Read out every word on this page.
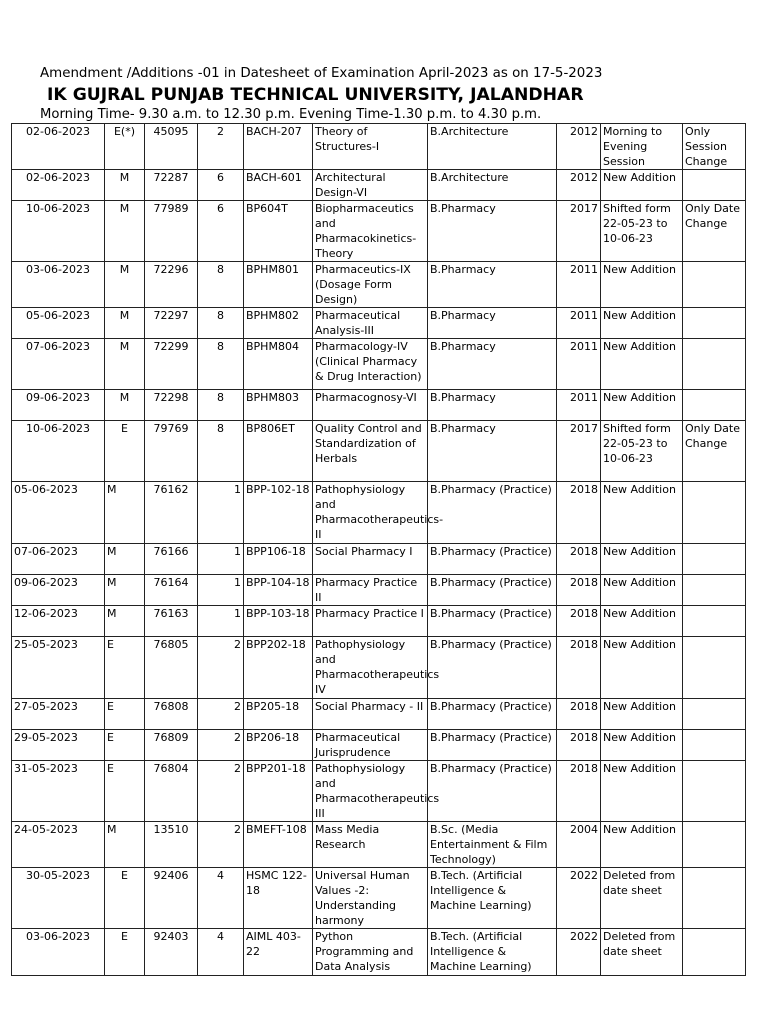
Amendment /Additions -01 in Datesheet of Examination April-2023 as on 17-5-2023
IK GUJRAL PUNJAB TECHNICAL UNIVERSITY, JALANDHAR
Morning Time- 9.30 a.m. to 12.30 p.m. Evening Time-1.30 p.m. to 4.30 p.m.
02-06-2023	E(*)	45095	2	BACH-207	Theory of Structures-I	B.Architecture	2012	Morning to Evening Session	Only Session Change
02-06-2023	M	72287	6	BACH-601	Architectural Design-VI	B.Architecture	2012	New Addition	
10-06-2023	M	77989	6	BP604T	Biopharmaceutics and Pharmacokinetics-Theory	B.Pharmacy	2017	Shifted form 22-05-23 to 10-06-23	Only Date Change
03-06-2023	M	72296	8	BPHM801	Pharmaceutics-IX (Dosage Form Design)	B.Pharmacy	2011	New Addition	
05-06-2023	M	72297	8	BPHM802	Pharmaceutical Analysis-III	B.Pharmacy	2011	New Addition	
07-06-2023	M	72299	8	BPHM804	Pharmacology-IV (Clinical Pharmacy & Drug Interaction)	B.Pharmacy	2011	New Addition	
09-06-2023	M	72298	8	BPHM803	Pharmacognosy-VI	B.Pharmacy	2011	New Addition	
10-06-2023	E	79769	8	BP806ET	Quality Control and Standardization of Herbals	B.Pharmacy	2017	Shifted form 22-05-23 to 10-06-23	Only Date Change
05-06-2023	M	76162	1	BPP-102-18	Pathophysiology and Pharmacotherapeutics-II	B.Pharmacy (Practice)	2018	New Addition	
07-06-2023	M	76166	1	BPP106-18	Social Pharmacy I	B.Pharmacy (Practice)	2018	New Addition	
09-06-2023	M	76164	1	BPP-104-18	Pharmacy Practice II	B.Pharmacy (Practice)	2018	New Addition	
12-06-2023	M	76163	1	BPP-103-18	Pharmacy Practice I	B.Pharmacy (Practice)	2018	New Addition	
25-05-2023	E	76805	2	BPP202-18	Pathophysiology and Pharmacotherapeutics IV	B.Pharmacy (Practice)	2018	New Addition	
27-05-2023	E	76808	2	BP205-18	Social Pharmacy - II	B.Pharmacy (Practice)	2018	New Addition	
29-05-2023	E	76809	2	BP206-18	Pharmaceutical Jurisprudence	B.Pharmacy (Practice)	2018	New Addition	
31-05-2023	E	76804	2	BPP201-18	Pathophysiology and Pharmacotherapeutics III	B.Pharmacy (Practice)	2018	New Addition	
24-05-2023	M	13510	2	BMEFT-108	Mass Media Research	B.Sc. (Media Entertainment & Film Technology)	2004	New Addition	
30-05-2023	E	92406	4	HSMC 122-18	Universal Human Values -2: Understanding harmony	B.Tech. (Artificial Intelligence & Machine Learning)	2022	Deleted from date sheet	
03-06-2023	E	92403	4	AIML 403-22	Python Programming and Data Analysis	B.Tech. (Artificial Intelligence & Machine Learning)	2022	Deleted from date sheet	
